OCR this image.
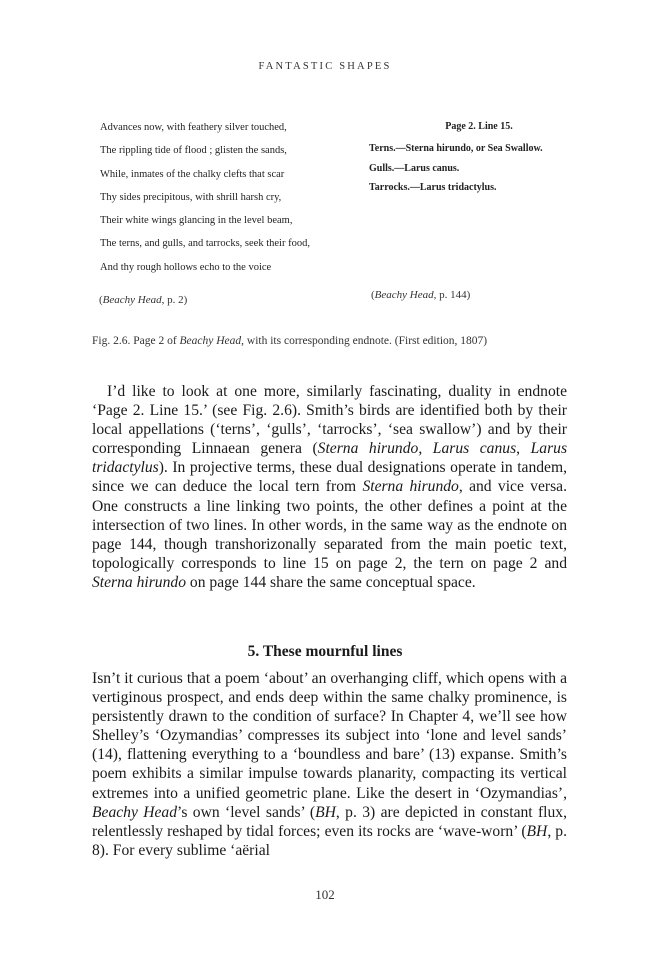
FANTASTIC SHAPES
Advances now, with feathery silver touched,
The rippling tide of flood ; glisten the sands,
While, inmates of the chalky clefts that scar
Thy sides precipitous, with shrill harsh cry,
Their white wings glancing in the level beam,
The terns, and gulls, and tarrocks, seek their food,
And thy rough hollows echo to the voice
Page 2. Line 15.
Terns.—Sterna hirundo, or Sea Swallow.
Gulls.—Larus canus.
Tarrocks.—Larus tridactylus.
(Beachy Head, p. 2)	(Beachy Head, p. 144)
Fig. 2.6. Page 2 of Beachy Head, with its corresponding endnote. (First edition, 1807)

I’d like to look at one more, similarly fascinating, duality in endnote ‘Page 2. Line 15.’ (see Fig. 2.6). Smith’s birds are identified both by their local appellations (‘terns’, ‘gulls’, ‘tarrocks’, ‘sea swallow’) and by their corresponding Linnaean genera (Sterna hirundo, Larus canus, Larus tridactylus). In projective terms, these dual designations operate in tandem, since we can deduce the local tern from Sterna hirundo, and vice versa. One constructs a line linking two points, the other defines a point at the intersection of two lines. In other words, in the same way as the endnote on page 144, though transhorizonally separated from the main poetic text, topologically corresponds to line 15 on page 2, the tern on page 2 and Sterna hirundo on page 144 share the same conceptual space.

5. These mournful lines

Isn’t it curious that a poem ‘about’ an overhanging cliff, which opens with a vertiginous prospect, and ends deep within the same chalky prominence, is persistently drawn to the condition of surface? In Chapter 4, we’ll see how Shelley’s ‘Ozymandias’ compresses its subject into ‘lone and level sands’ (14), flattening everything to a ‘boundless and bare’ (13) expanse. Smith’s poem exhibits a similar impulse towards planarity, compacting its vertical extremes into a unified geometric plane. Like the desert in ‘Ozymandias’, Beachy Head’s own ‘level sands’ (BH, p. 3) are depicted in constant flux, relentlessly reshaped by tidal forces; even its rocks are ‘wave-worn’ (BH, p. 8). For every sublime ‘aërial

102
